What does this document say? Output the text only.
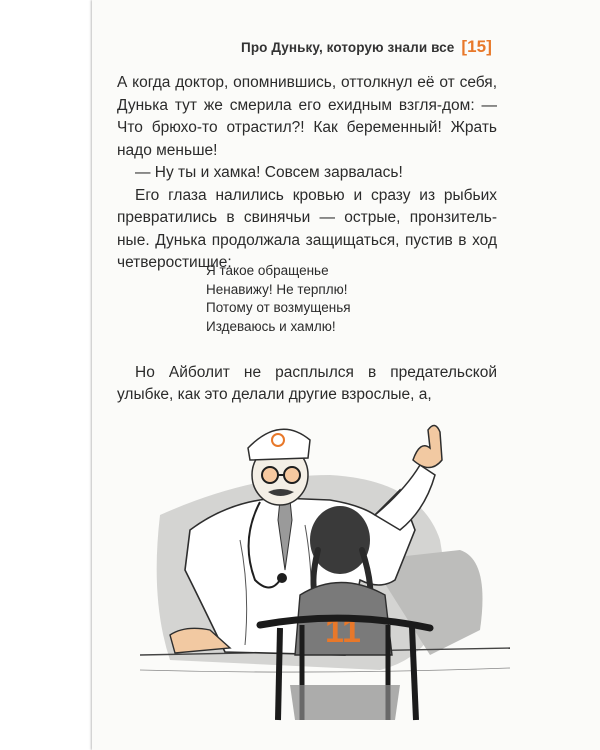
Про Дуньку, которую знали все [15]

А когда доктор, опомнившись, оттолкнул её от себя, Дунька тут же смерила его ехидным взгля-дом: — Что брюхо-то отрастил?! Как беременный! Жрать надо меньше!

— Ну ты и хамка! Совсем зарвалась!

Его глаза налились кровью и сразу из рыбьих превратились в свинячьи — острые, пронзитель-ные. Дунька продолжала защищаться, пустив в ход четверостишие:

Я такое обращенье
Ненавижу! Не терплю!
Потому от возмущенья
Издеваюсь и хамлю!

Но Айболит не расплылся в предательской улыбке, как это делали другие взрослые, а,

11
